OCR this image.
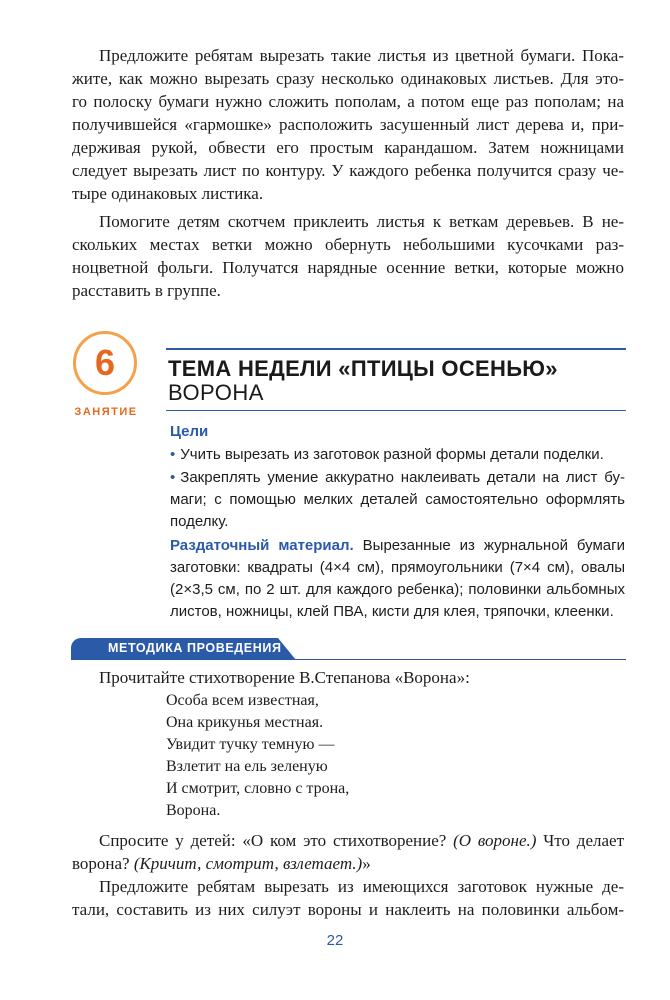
Предложите ребятам вырезать такие листья из цветной бумаги. Пока-
жите, как можно вырезать сразу несколько одинаковых листьев. Для это-
го полоску бумаги нужно сложить пополам, а потом еще раз пополам; на
получившейся «гармошке» расположить засушенный лист дерева и, при-
держивая рукой, обвести его простым карандашом. Затем ножницами
следует вырезать лист по контуру. У каждого ребенка получится сразу че-
тыре одинаковых листика.
Помогите детям скотчем приклеить листья к веткам деревьев. В не-
скольких местах ветки можно обернуть небольшими кусочками раз-
ноцветной фольги. Получатся нарядные осенние ветки, которые можно
расставить в группе.
6
ЗАНЯТИЕ
ТЕМА НЕДЕЛИ «ПТИЦЫ ОСЕНЬЮ»
ВОРОНА
Цели
• Учить вырезать из заготовок разной формы детали поделки.
• Закреплять умение аккуратно наклеивать детали на лист бу-
маги; с помощью мелких деталей самостоятельно оформлять
поделку.
Раздаточный материал. Вырезанные из журнальной бумаги
заготовки: квадраты (4×4 см), прямоугольники (7×4 см), овалы
(2×3,5 см, по 2 шт. для каждого ребенка); половинки альбомных
листов, ножницы, клей ПВА, кисти для клея, тряпочки, клеенки.
МЕТОДИКА ПРОВЕДЕНИЯ
Прочитайте стихотворение В.Степанова «Ворона»:
Особа всем известная,
Она крикунья местная.
Увидит тучку темную —
Взлетит на ель зеленую
И смотрит, словно с трона,
Ворона.
Спросите у детей: «О ком это стихотворение? (О вороне.) Что делает
ворона? (Кричит, смотрит, взлетает.)»
Предложите ребятам вырезать из имеющихся заготовок нужные де-
тали, составить из них силуэт вороны и наклеить на половинки альбом-
22
